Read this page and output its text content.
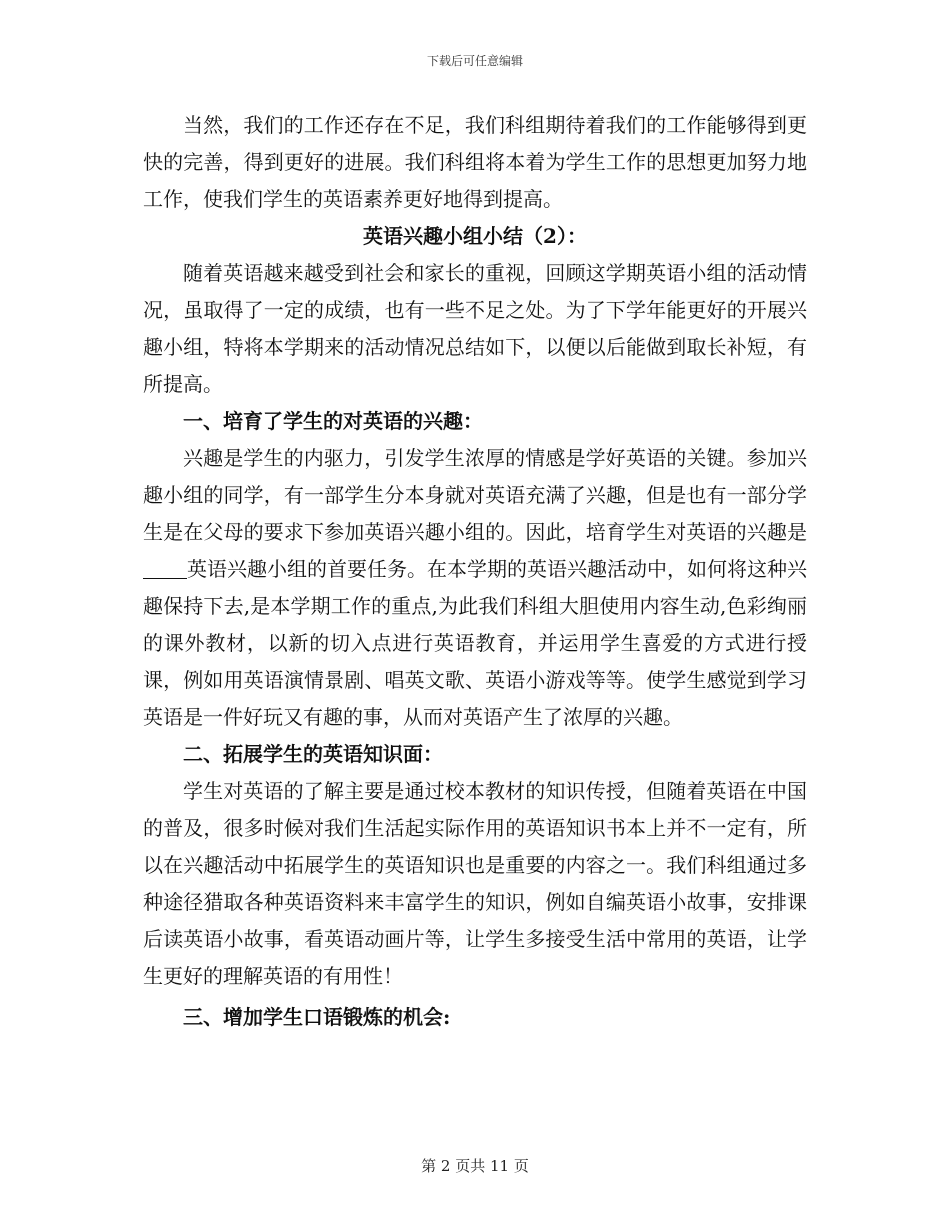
下载后可任意编辑

当然，我们的工作还存在不足，我们科组期待着我们的工作能够得到更快的完善，得到更好的进展。我们科组将本着为学生工作的思想更加努力地工作，使我们学生的英语素养更好地得到提高。

英语兴趣小组小结（2）：

随着英语越来越受到社会和家长的重视，回顾这学期英语小组的活动情况，虽取得了一定的成绩，也有一些不足之处。为了下学年能更好的开展兴趣小组，特将本学期来的活动情况总结如下，以便以后能做到取长补短，有所提高。

一、培育了学生的对英语的兴趣：

兴趣是学生的内驱力，引发学生浓厚的情感是学好英语的关键。参加兴趣小组的同学，有一部学生分本身就对英语充满了兴趣，但是也有一部分学生是在父母的要求下参加英语兴趣小组的。因此，培育学生对英语的兴趣是英语兴趣小组的首要任务。在本学期的英语兴趣活动中，如何将这种兴趣保持下去,是本学期工作的重点,为此我们科组大胆使用内容生动,色彩绚丽的课外教材，以新的切入点进行英语教育，并运用学生喜爱的方式进行授课，例如用英语演情景剧、唱英文歌、英语小游戏等等。使学生感觉到学习英语是一件好玩又有趣的事，从而对英语产生了浓厚的兴趣。

二、拓展学生的英语知识面：

学生对英语的了解主要是通过校本教材的知识传授，但随着英语在中国的普及，很多时候对我们生活起实际作用的英语知识书本上并不一定有，所以在兴趣活动中拓展学生的英语知识也是重要的内容之一。我们科组通过多种途径猎取各种英语资料来丰富学生的知识，例如自编英语小故事，安排课后读英语小故事，看英语动画片等，让学生多接受生活中常用的英语，让学生更好的理解英语的有用性！

三、增加学生口语锻炼的机会:

第 2 页共 11 页
